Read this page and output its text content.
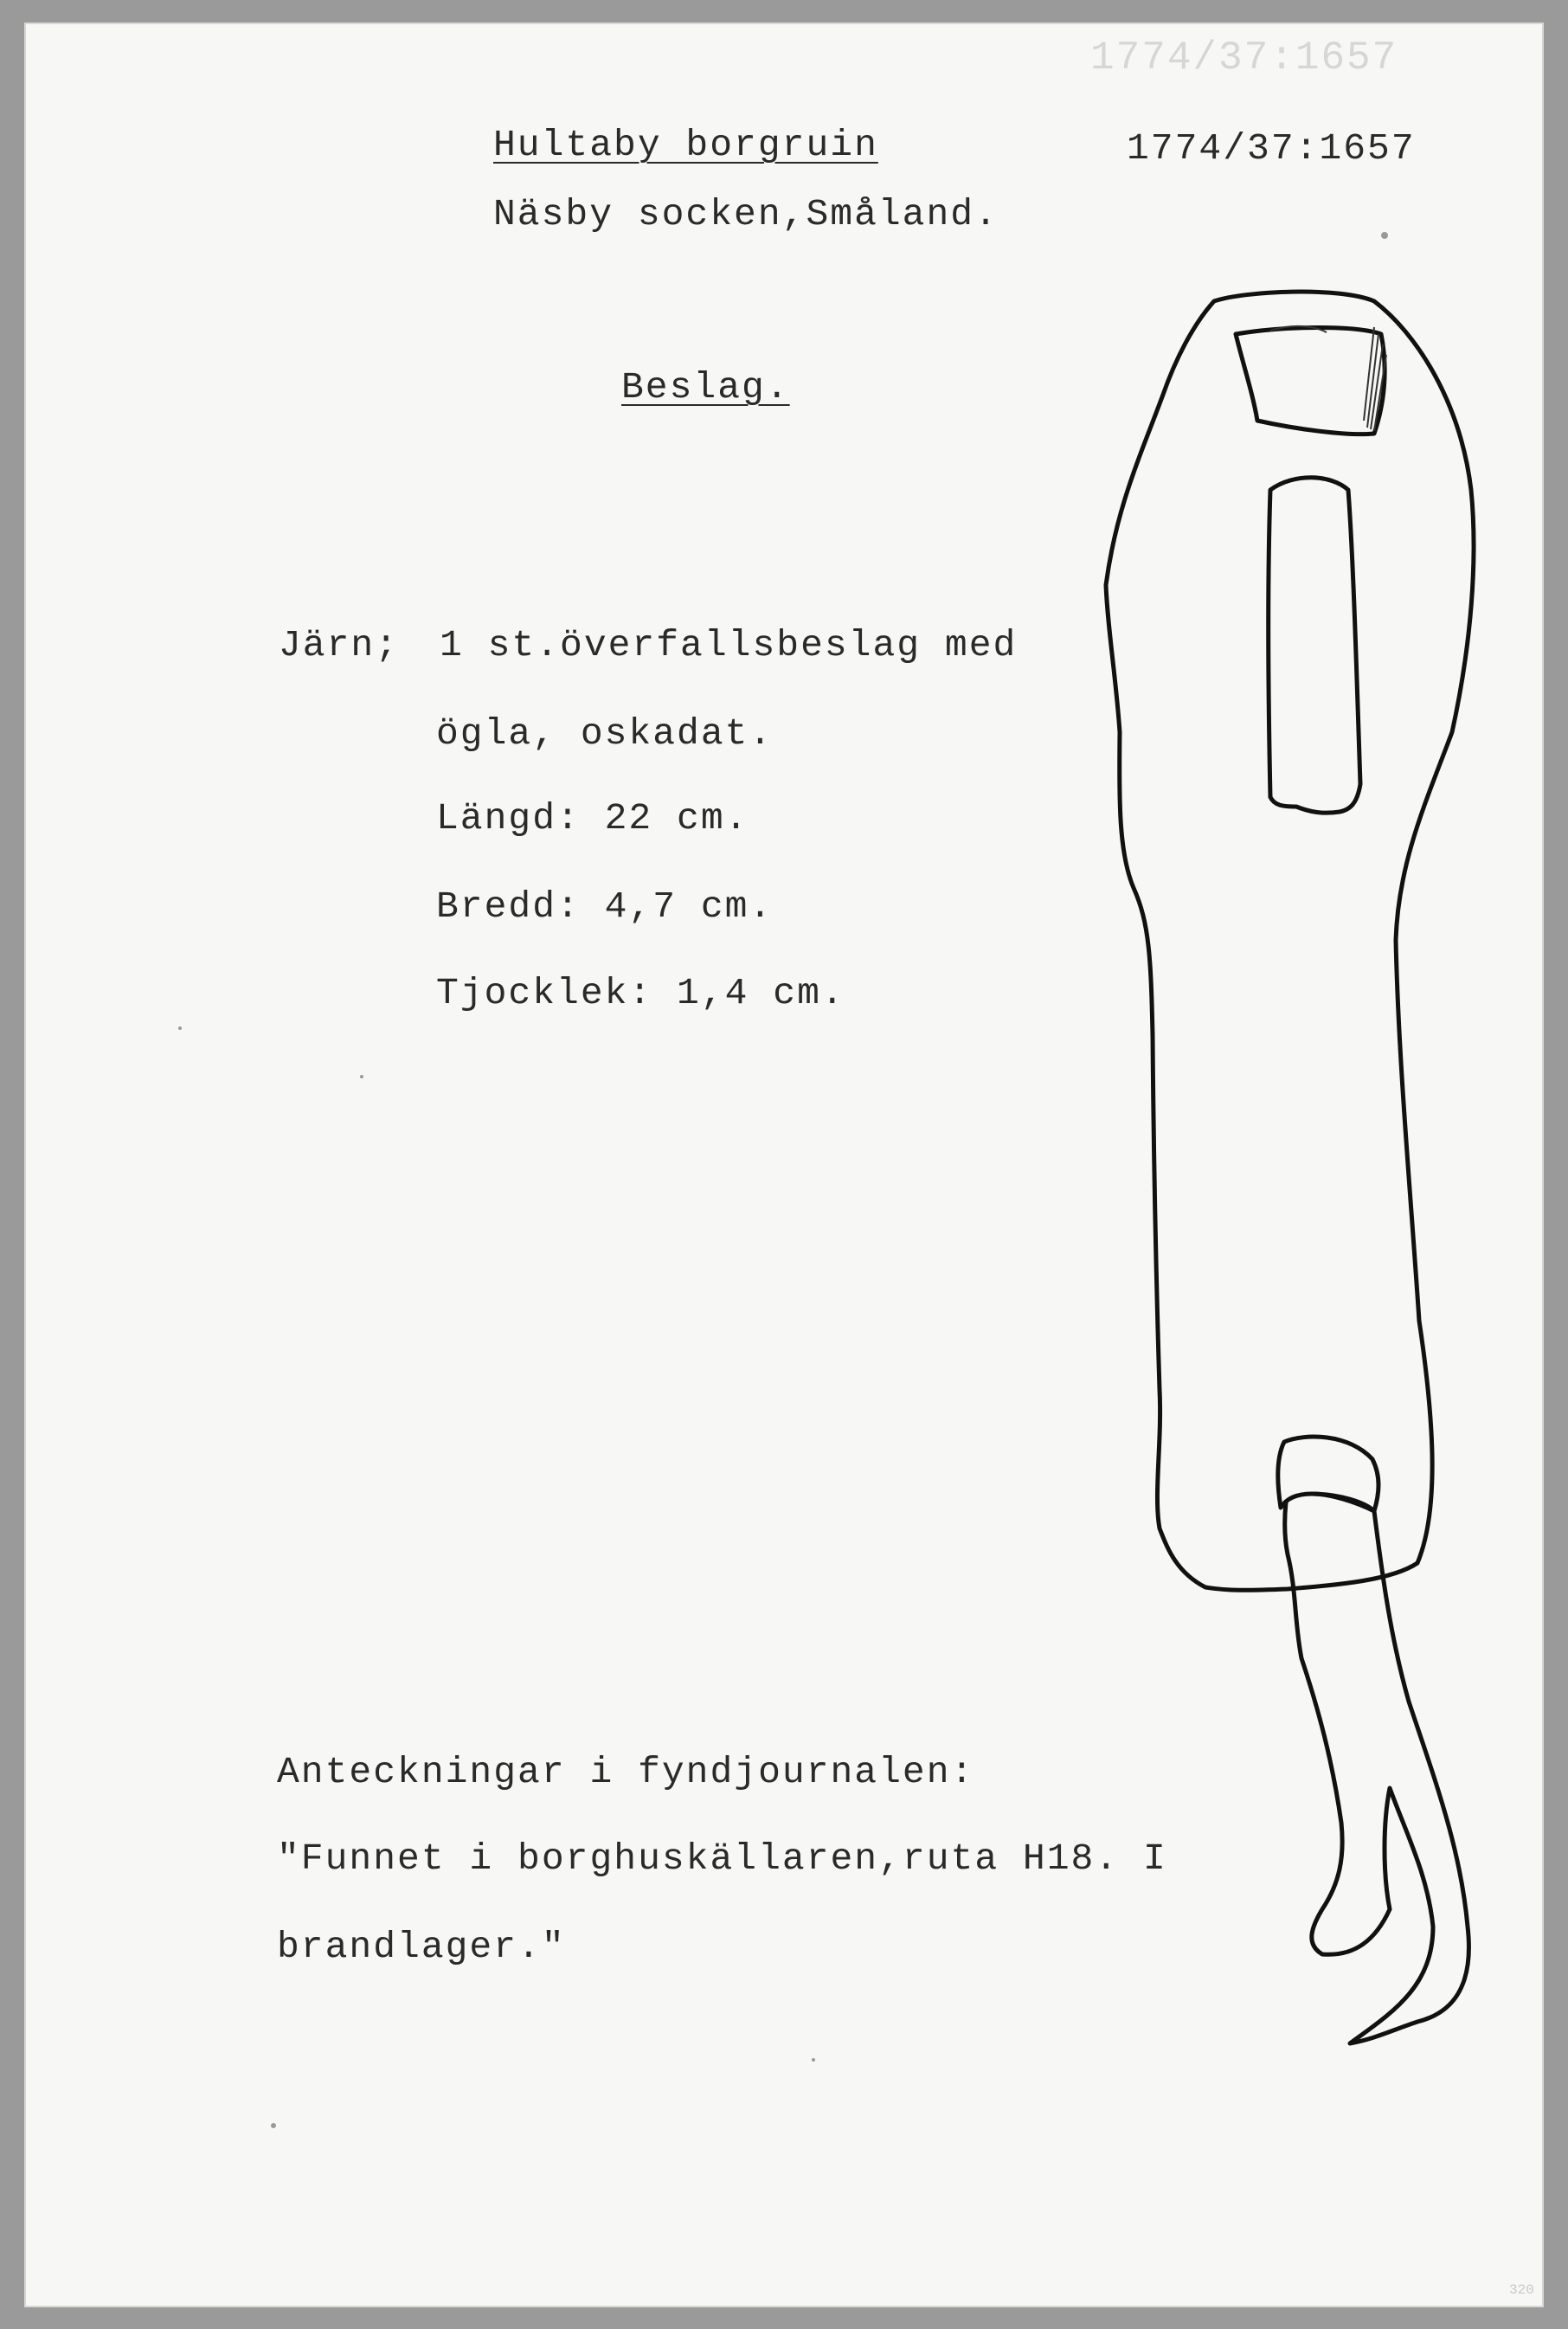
1774/37:1657
Hultaby borgruin	1774/37:1657
Näsby socken,Småland.
Beslag.
Järn; 1 st.överfallsbeslag med
ögla, oskadat.
Längd: 22 cm.
Bredd: 4,7 cm.
Tjocklek: 1,4 cm.
Anteckningar i fyndjournalen:
"Funnet i borghuskällaren,ruta H18. I
brandlager."
320
